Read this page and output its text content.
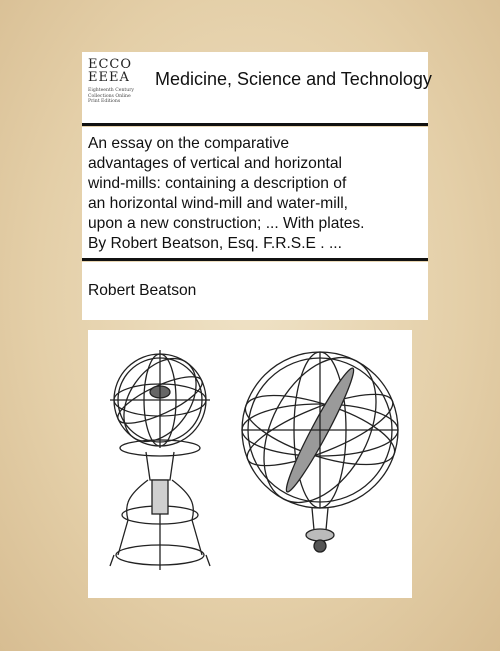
ECCO
EEEA
Eighteenth Century
Collections Online
Print Editions
Medicine, Science and Technology
An essay on the comparative
advantages of vertical and horizontal
wind-mills: containing a description of
an horizontal wind-mill and water-mill,
upon a new construction; ... With plates.
By Robert Beatson, Esq. F.R.S.E . ...
Robert Beatson
